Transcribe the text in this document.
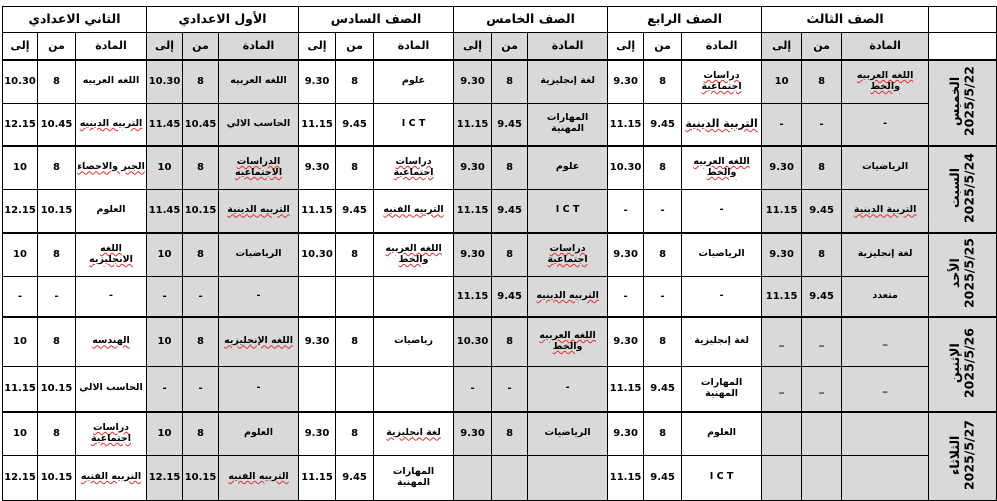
	الصف الثالث			الصف الرابع			الصف الخامس			الصف السادس			الأول الاعدادي			الثاني الاعدادي		
	المادة	من	إلى	المادة	من	إلى	المادة	من	إلى	المادة	من	إلى	المادة	من	إلى	المادة	من	إلى
الخميس
2025/5/22	اللغه العربيه والخط	8	10	دراسات اجتماعية	8	9.30	لغة إنجليزية	8	9.30	علوم	8	9.30	اللغه العربيه	8	10.30	اللغه العربيه	8	10.30
	-	-	-	التربية الدينية	9.45	11.15	المهارات المهنية	9.45	11.15	I C T	9.45	11.15	الحاسب الالي	10.45	11.45	التربيه الدينيه	10.45	12.15
السبت
2025/5/24	الرياضيات	8	9.30	اللغه العربيه والخط	8	10.30	علوم	8	9.30	دراسات اجتماعية	8	9.30	الدراسات الاجتماعيه	8	10	الجبر والاحصاء	8	10
	التربية الدينية	9.45	11.15	-	-	-	I C T	9.45	11.15	التربيه الفنيه	9.45	11.15	التربيه الدينية	10.15	11.45	العلوم	10.15	12.15
الأحد
2025/5/25	لغة إنجليزية	8	9.30	الرياضيات	8	9.30	دراسات اجتماعية	8	9.30	اللغه العربيه والخط	8	10.30	الرياضيات	8	10	اللغه الانجليزيه	8	10
	متعدد	9.45	11.15	-	-	-	التربيه الدينيه	9.45	11.15				-	-	-	-	-	-
الإثنين
2025/5/26	_	_	_	لغة إنجليزية	8	9.30	اللغه العربيه والخط	8	10.30	رياضيات	8	9.30	اللغه الإنجليزيه	8	10	الهندسه	8	10
	_	_	_	المهارات المهنية	9.45	11.15	-	-	-				-	-	-	الحاسب الالي	10.15	11.15
الثلاثاء
2025/5/27				العلوم	8	9.30	الرياضيات	8	9.30	لغة انجليزية	8	9.30	العلوم	8	10	دراسات اجتماعية	8	10
				I C T	9.45	11.15				المهارات المهنية	9.45	11.15	التربيه الفنيه	10.15	12.15	التربيه الفنيه	10.15	12.15
